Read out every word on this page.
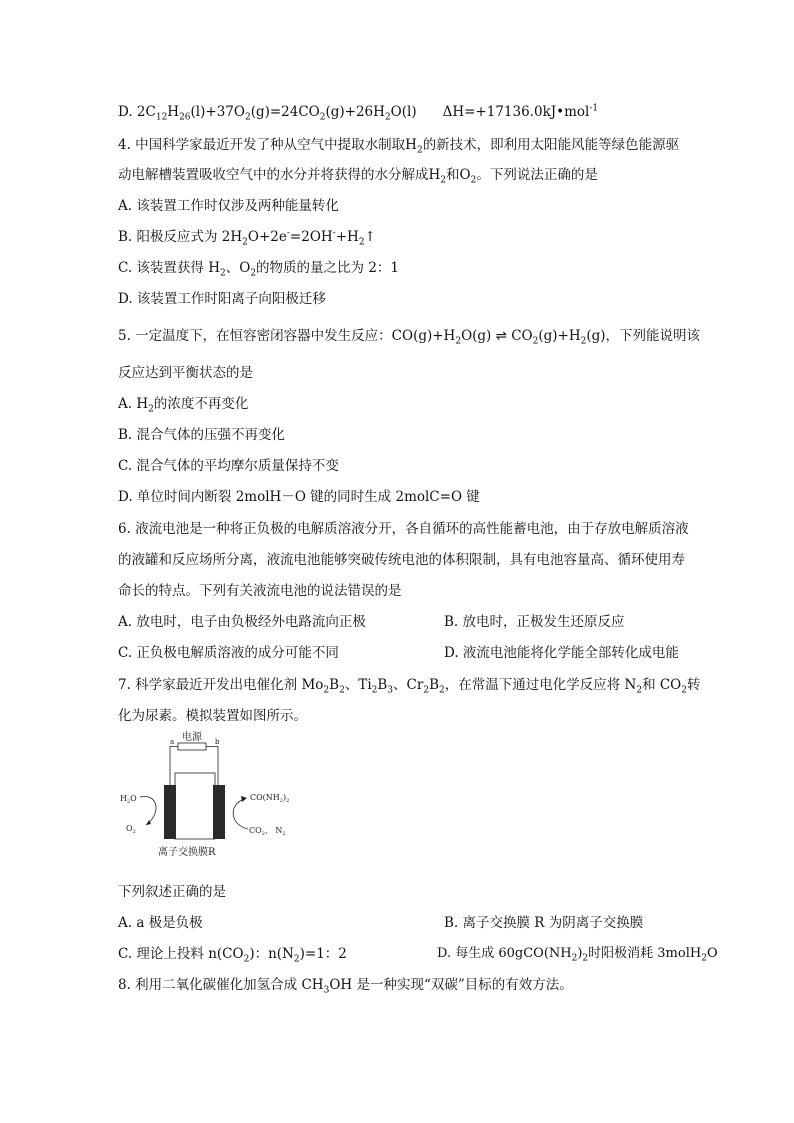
D. $2C_{12}H_{26}(l)+37O_2(g)=24CO_2(g)+26H_2O(l)$ ΔH=+17136.0kJ•mol$^{-1}$
4. 中国科学家最近开发了种从空气中提取水制取$H_2$的新技术，即利用太阳能风能等绿色能源驱
动电解槽装置吸收空气中的水分并将获得的水分解成$H_2$和$O_2$。下列说法正确的是
A. 该装置工作时仅涉及两种能量转化
B. 阳极反应式为 $2H_2O+2e^-=2OH^-+H_2↑$
C. 该装置获得 $H_2$、$O_2$的物质的量之比为 2：1
D. 该装置工作时阳离子向阳极迁移
5. 一定温度下，在恒容密闭容器中发生反应：$CO(g)+H_2O(g)$ ⇌ $CO_2(g)+H_2(g)$，下列能说明该
反应达到平衡状态的是
A. $H_2$的浓度不再变化
B. 混合气体的压强不再变化
C. 混合气体的平均摩尔质量保持不变
D. 单位时间内断裂 2molH－O 键的同时生成 2molC=O 键
6. 液流电池是一种将正负极的电解质溶液分开，各自循环的高性能蓄电池，由于存放电解质溶液
的液罐和反应场所分离，液流电池能够突破传统电池的体积限制，具有电池容量高、循环使用寿
命长的特点。下列有关液流电池的说法错误的是
A. 放电时，电子由负极经外电路流向正极	B. 放电时，正极发生还原反应
C. 正负极电解质溶液的成分可能不同	D. 液流电池能将化学能全部转化成电能
7. 科学家最近开发出电催化剂 $Mo_2B_2$、$Ti_2B_3$、$Cr_2B_2$，在常温下通过电化学反应将 $N_2$和 $CO_2$转
化为尿素。模拟装置如图所示。
电源
a	b
$H_2O$
$O_2$
$CO(NH_2)_2$
$CO_2$、 $N_2$
离子交换膜R
下列叙述正确的是
A. a 极是负极	B. 离子交换膜 R 为阴离子交换膜
C. 理论上投料 $n(CO_2)$：$n(N_2)=1$：2	D. 每生成 $60gCO(NH_2)_2$时阳极消耗 3molH$_2$O
8. 利用二氧化碳催化加氢合成 $CH_3OH$ 是一种实现“双碳”目标的有效方法。
